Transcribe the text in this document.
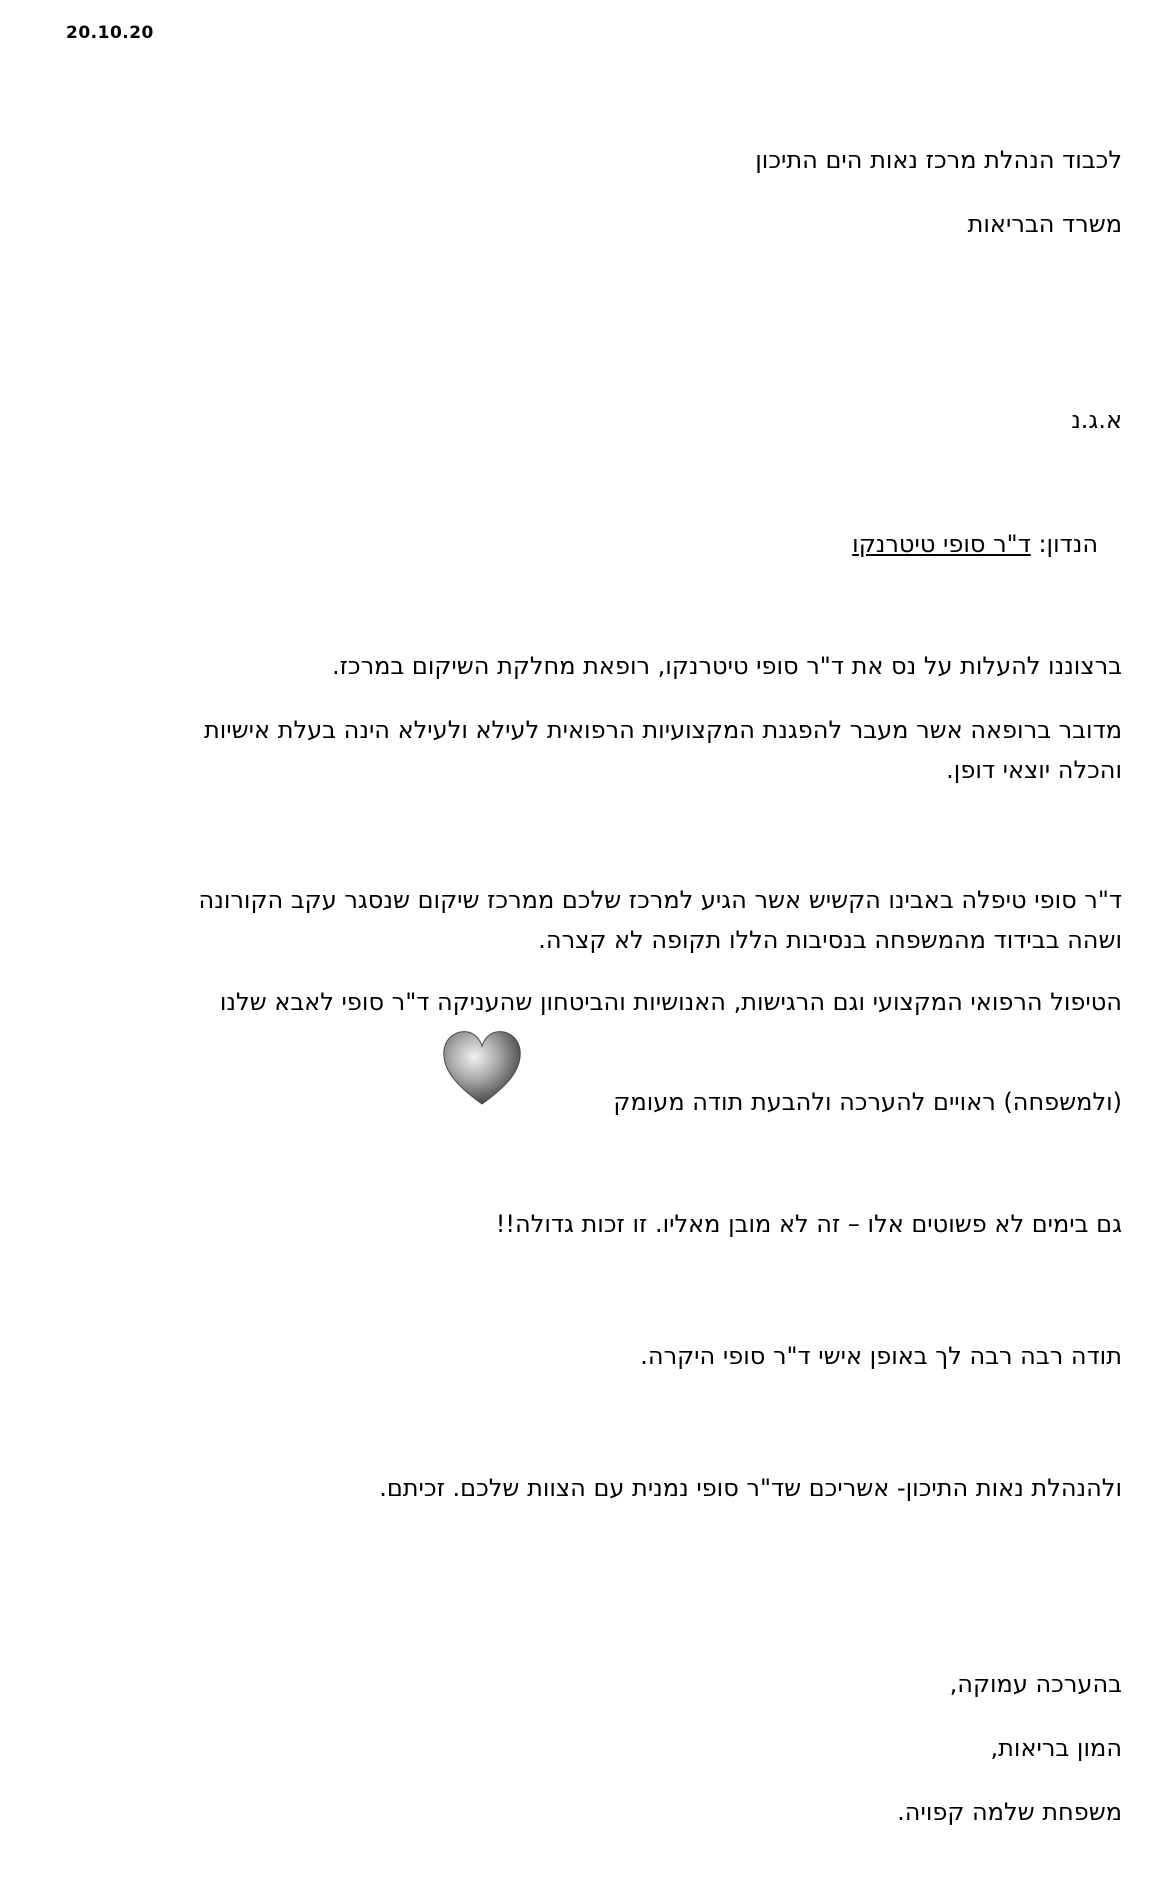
20.10.20
לכבוד הנהלת מרכז נאות הים התיכון
משרד הבריאות
א.ג.נ
הנדון: ד"ר סופי טיטרנקו
ברצוננו להעלות על נס את ד"ר סופי טיטרנקו, רופאת מחלקת השיקום במרכז.
מדובר ברופאה אשר מעבר להפגנת המקצועיות הרפואית לעילא ולעילא הינה בעלת אישיות
והכלה יוצאי דופן.
ד"ר סופי טיפלה באבינו הקשיש אשר הגיע למרכז שלכם ממרכז שיקום שנסגר עקב הקורונה
ושהה בבידוד מהמשפחה בנסיבות הללו תקופה לא קצרה.
הטיפול הרפואי המקצועי וגם הרגישות, האנושיות והביטחון שהעניקה ד"ר סופי לאבא שלנו
(ולמשפחה) ראויים להערכה ולהבעת תודה מעומק
גם בימים לא פשוטים אלו – זה לא מובן מאליו. זו זכות גדולה!!
תודה רבה רבה לך באופן אישי ד"ר סופי היקרה.
ולהנהלת נאות התיכון- אשריכם שד"ר סופי נמנית עם הצוות שלכם. זכיתם.
בהערכה עמוקה,
המון בריאות,
משפחת שלמה קפויה.
